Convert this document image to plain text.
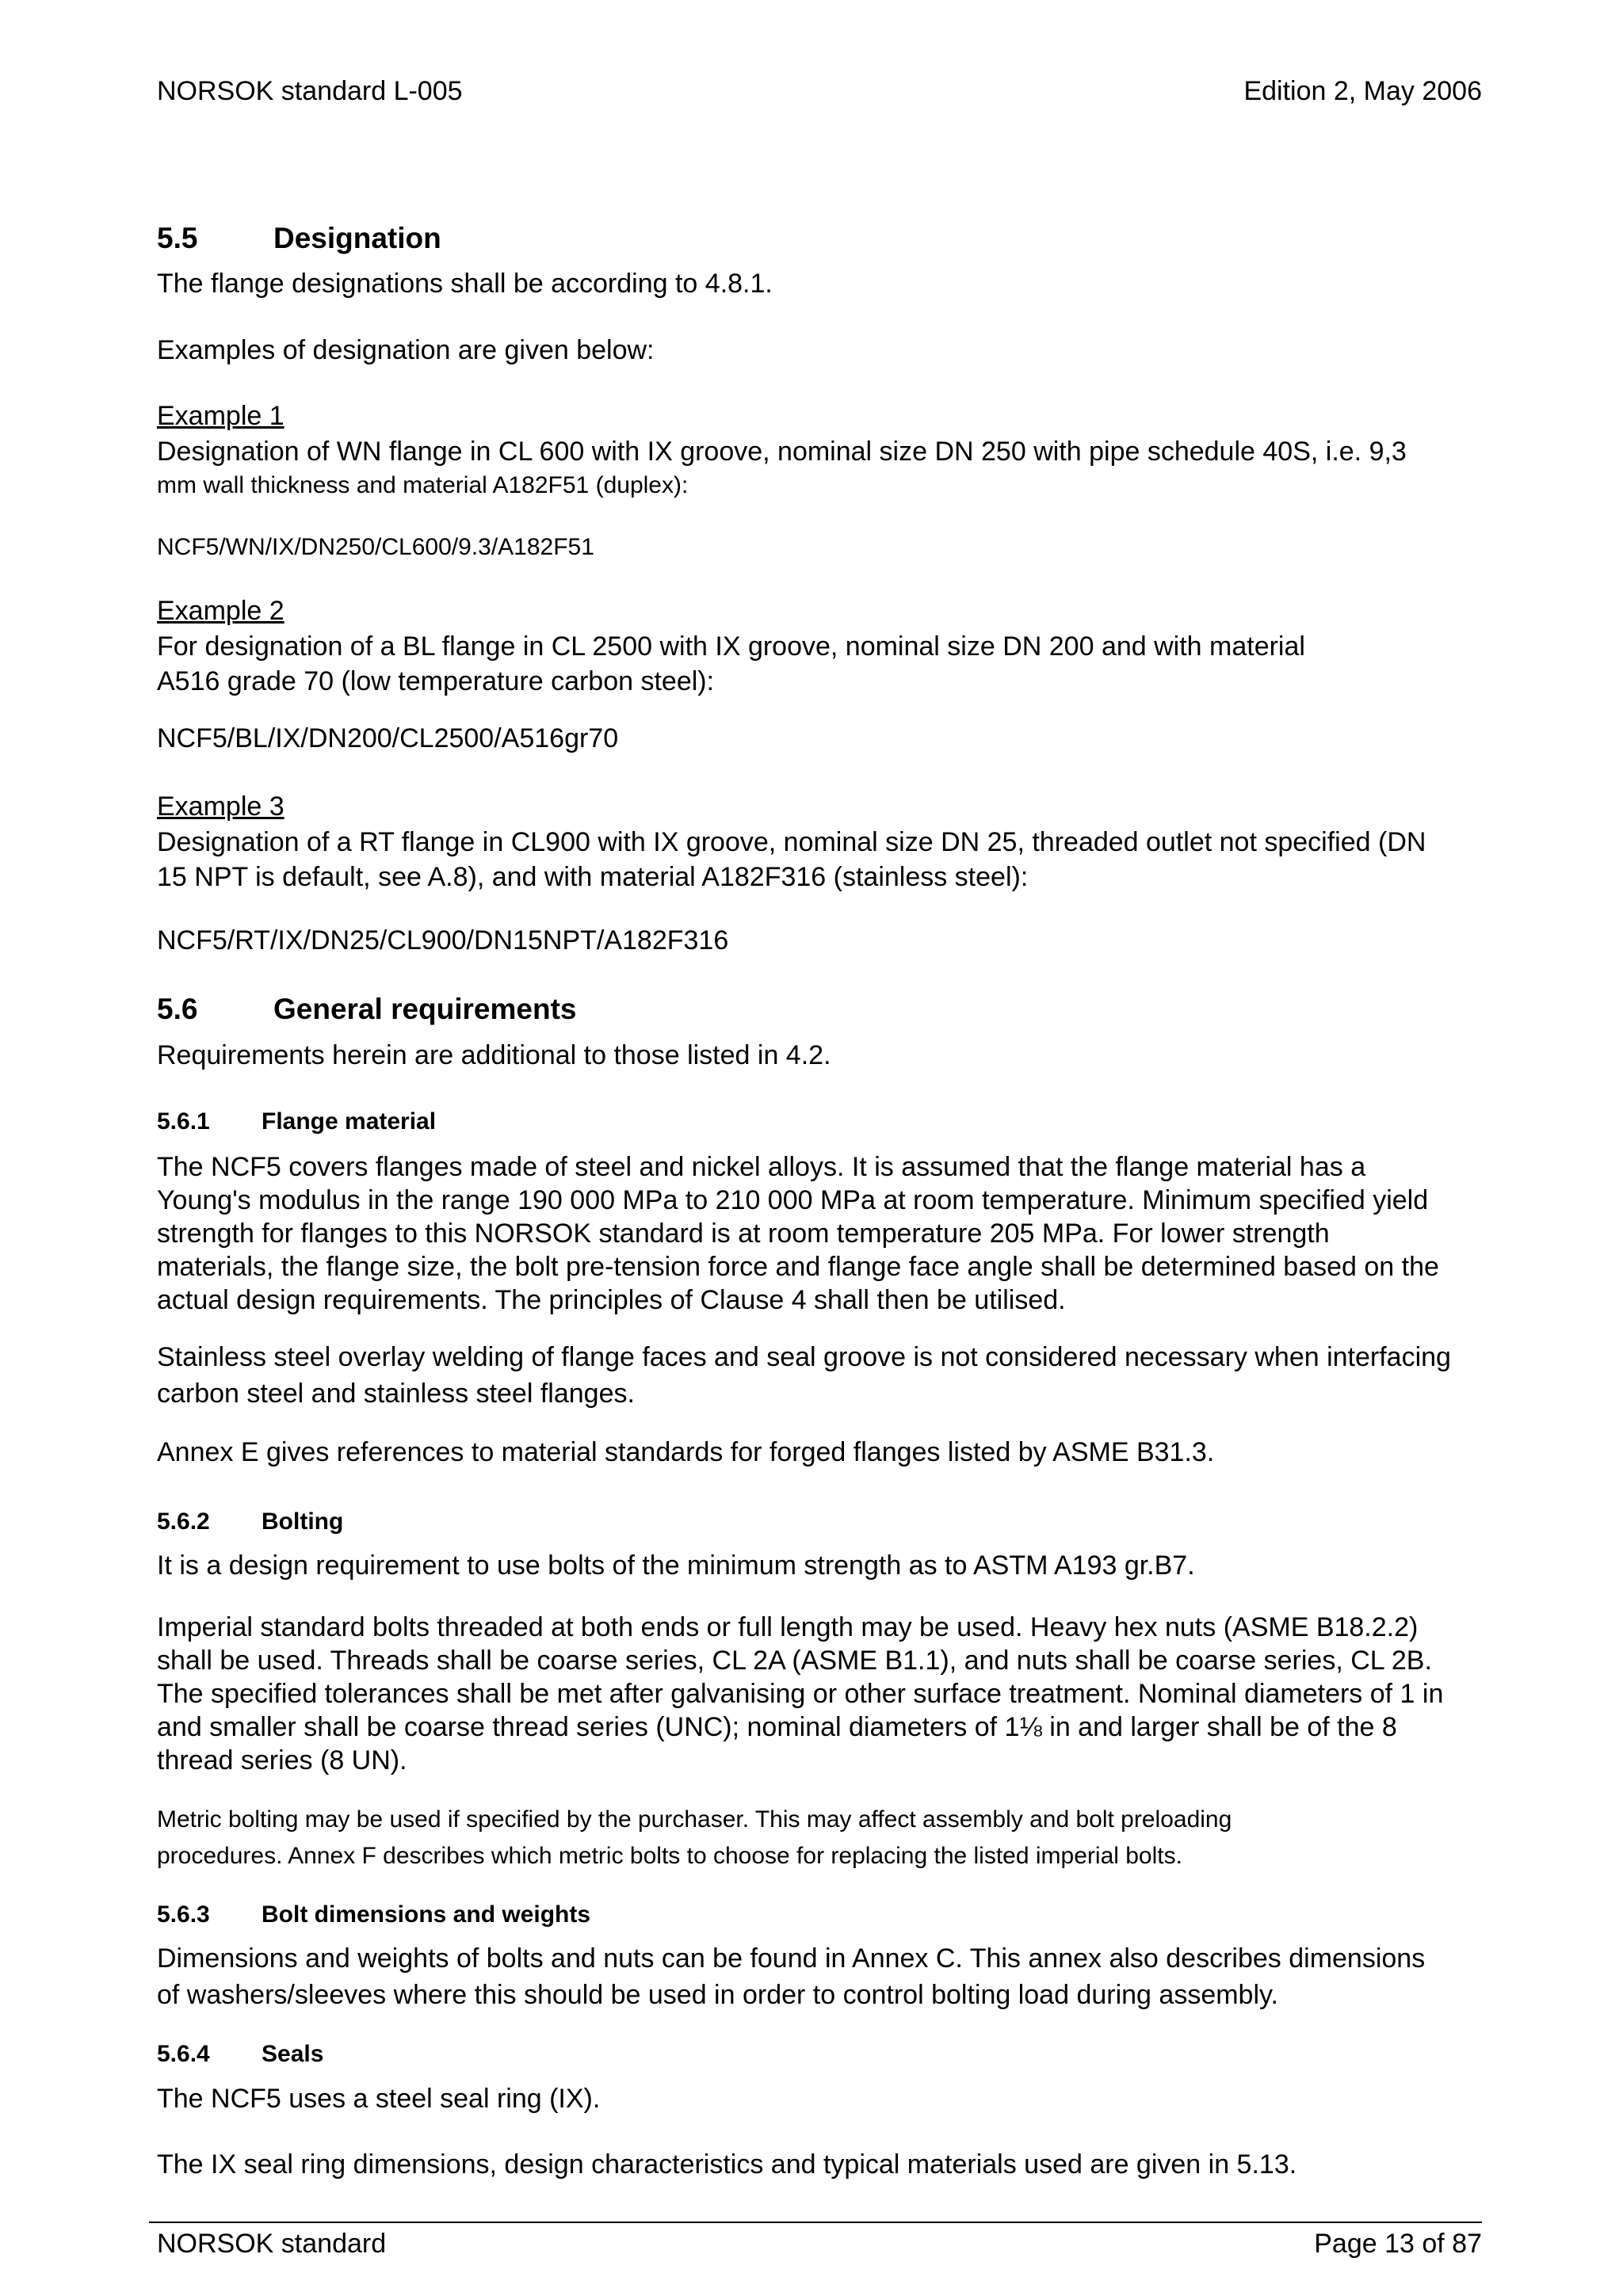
NORSOK standard L-005	Edition 2, May 2006
5.5	Designation
The flange designations shall be according to 4.8.1.
Examples of designation are given below:
Example 1
Designation of WN flange in CL 600 with IX groove, nominal size DN 250 with pipe schedule 40S, i.e. 9,3
mm wall thickness and material A182F51 (duplex):
NCF5/WN/IX/DN250/CL600/9.3/A182F51
Example 2
For designation of a BL flange in CL 2500 with IX groove, nominal size DN 200 and with material
A516 grade 70 (low temperature carbon steel):
NCF5/BL/IX/DN200/CL2500/A516gr70
Example 3
Designation of a RT flange in CL900 with IX groove, nominal size DN 25, threaded outlet not specified (DN
15 NPT is default, see A.8), and with material A182F316 (stainless steel):
NCF5/RT/IX/DN25/CL900/DN15NPT/A182F316
5.6	General requirements
Requirements herein are additional to those listed in 4.2.
5.6.1 Flange material
The NCF5 covers flanges made of steel and nickel alloys. It is assumed that the flange material has a
Young's modulus in the range 190 000 MPa to 210 000 MPa at room temperature. Minimum specified yield
strength for flanges to this NORSOK standard is at room temperature 205 MPa. For lower strength
materials, the flange size, the bolt pre-tension force and flange face angle shall be determined based on the
actual design requirements. The principles of Clause 4 shall then be utilised.
Stainless steel overlay welding of flange faces and seal groove is not considered necessary when interfacing
carbon steel and stainless steel flanges.
Annex E gives references to material standards for forged flanges listed by ASME B31.3.
5.6.2 Bolting
It is a design requirement to use bolts of the minimum strength as to ASTM A193 gr.B7.
Imperial standard bolts threaded at both ends or full length may be used. Heavy hex nuts (ASME B18.2.2)
shall be used. Threads shall be coarse series, CL 2A (ASME B1.1), and nuts shall be coarse series, CL 2B.
The specified tolerances shall be met after galvanising or other surface treatment. Nominal diameters of 1 in
and smaller shall be coarse thread series (UNC); nominal diameters of 1⅛ in and larger shall be of the 8
thread series (8 UN).
Metric bolting may be used if specified by the purchaser. This may affect assembly and bolt preloading
procedures. Annex F describes which metric bolts to choose for replacing the listed imperial bolts.
5.6.3 Bolt dimensions and weights
Dimensions and weights of bolts and nuts can be found in Annex C. This annex also describes dimensions
of washers/sleeves where this should be used in order to control bolting load during assembly.
5.6.4 Seals
The NCF5 uses a steel seal ring (IX).
The IX seal ring dimensions, design characteristics and typical materials used are given in 5.13.
NORSOK standard	Page 13 of 87
